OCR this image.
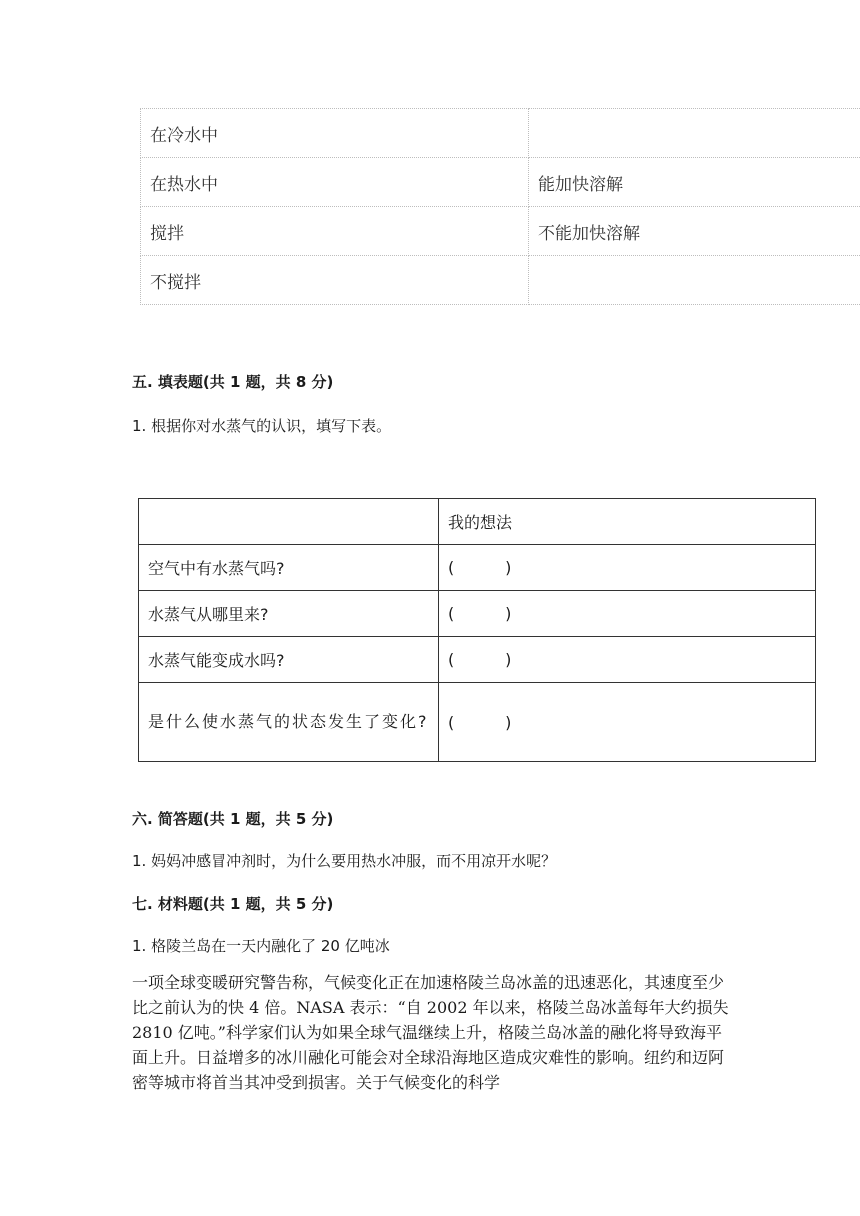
在冷水中	
在热水中	能加快溶解
搅拌	不能加快溶解
不搅拌	
五. 填表题(共 1 题，共 8 分)
1. 根据你对水蒸气的认识，填写下表。
	我的想法
空气中有水蒸气吗?	(          )
水蒸气从哪里来?	(          )
水蒸气能变成水吗?	(          )
是什么使水蒸气的状态发生了变化?	(          )
六. 简答题(共 1 题，共 5 分)
1. 妈妈冲感冒冲剂时，为什么要用热水冲服，而不用凉开水呢？
七. 材料题(共 1 题，共 5 分)
1. 格陵兰岛在一天内融化了 20 亿吨冰

一项全球变暖研究警告称，气候变化正在加速格陵兰岛冰盖的迅速恶化，其速度至少比之前认为的快 4 倍。NASA 表示：“自 2002 年以来，格陵兰岛冰盖每年大约损失 2810 亿吨。”科学家们认为如果全球气温继续上升，格陵兰岛冰盖的融化将导致海平面上升。日益增多的冰川融化可能会对全球沿海地区造成灾难性的影响。纽约和迈阿密等城市将首当其冲受到损害。关于气候变化的科学
